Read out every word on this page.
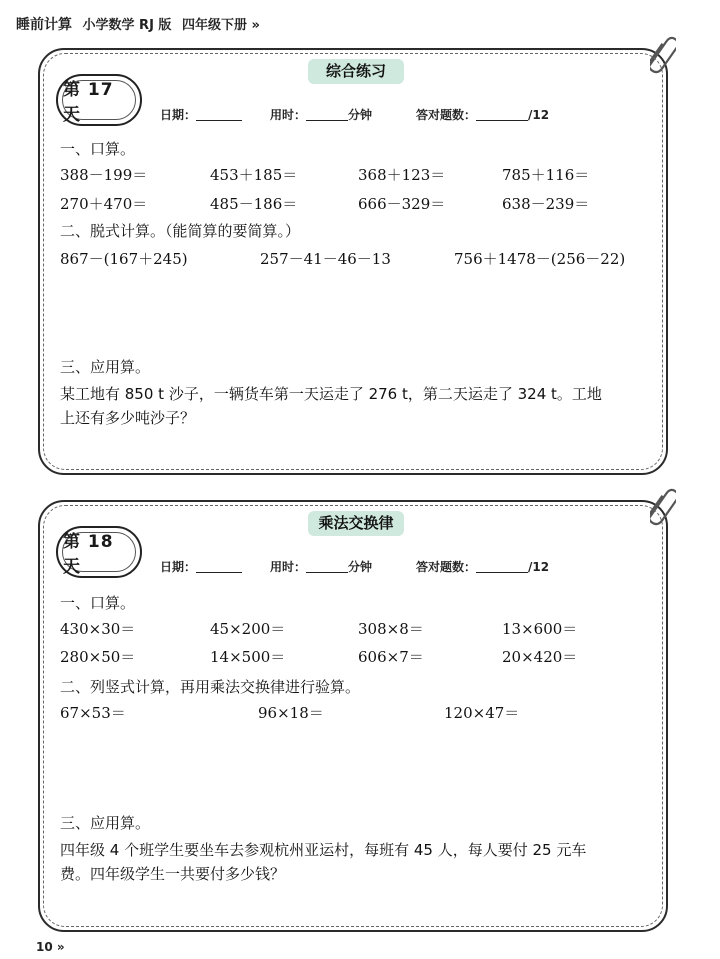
睡前计算 小学数学 RJ 版 四年级下册 »
综合练习
第 17 天	日期：	用时：	分钟	答对题数：	/12
一、口算。
388－199＝	453＋185＝	368＋123＝	785＋116＝
270＋470＝	485－186＝	666－329＝	638－239＝
二、脱式计算。（能简算的要简算。）
867－(167＋245)	257－41－46－13	756＋1478－(256－22)
三、应用算。
某工地有 850 t 沙子，一辆货车第一天运走了 276 t，第二天运走了 324 t。工地
上还有多少吨沙子？
乘法交换律
第 18 天	日期：	用时：	分钟	答对题数：	/12
一、口算。
430×30＝	45×200＝	308×8＝	13×600＝
280×50＝	14×500＝	606×7＝	20×420＝
二、列竖式计算，再用乘法交换律进行验算。
67×53＝	96×18＝	120×47＝
三、应用算。
四年级 4 个班学生要坐车去参观杭州亚运村，每班有 45 人，每人要付 25 元车
费。四年级学生一共要付多少钱？
10 »
